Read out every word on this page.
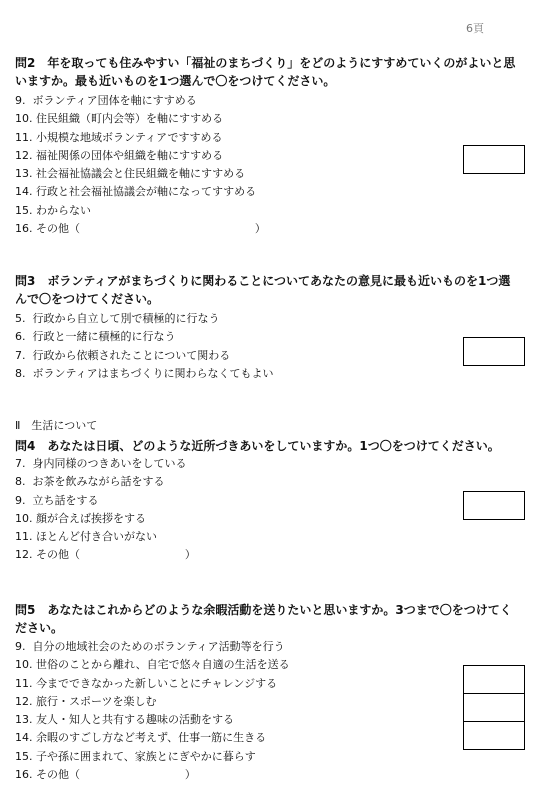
6頁

問2　年を取っても住みやすい「福祉のまちづくり」をどのようにすすめていくのがよいと思いますか。最も近いものを1つ選んで〇をつけてください。

9.  ボランティア団体を軸にすすめる
10. 住民組織（町内会等）を軸にすすめる
11. 小規模な地域ボランティアですすめる
12. 福祉関係の団体や組織を軸にすすめる
13. 社会福祉協議会と住民組織を軸にすすめる
14. 行政と社会福祉協議会が軸になってすすめる
15. わからない
16. その他（                                                  ）

問3　ボランティアがまちづくりに関わることについてあなたの意見に最も近いものを1つ選んで〇をつけてください。

5.  行政から自立して別で積極的に行なう
6.  行政と一緒に積極的に行なう
7.  行政から依頼されたことについて関わる
8.  ボランティアはまちづくりに関わらなくてもよい
Ⅱ　生活について

問4　あなたは日頃、どのような近所づきあいをしていますか。1つ〇をつけてください。

7.  身内同様のつきあいをしている
8.  お茶を飲みながら話をする
9.  立ち話をする
10. 顔が合えば挨拶をする
11. ほとんど付き合いがない
12. その他（                              ）

問5　あなたはこれからどのような余暇活動を送りたいと思いますか。3つまで〇をつけてください。

9.  自分の地域社会のためのボランティア活動等を行う
10. 世俗のことから離れ、自宅で悠々自適の生活を送る
11. 今までできなかった新しいことにチャレンジする
12. 旅行・スポーツを楽しむ
13. 友人・知人と共有する趣味の活動をする
14. 余暇のすごし方など考えず、仕事一筋に生きる
15. 子や孫に囲まれて、家族とにぎやかに暮らす
16. その他（                              ）
